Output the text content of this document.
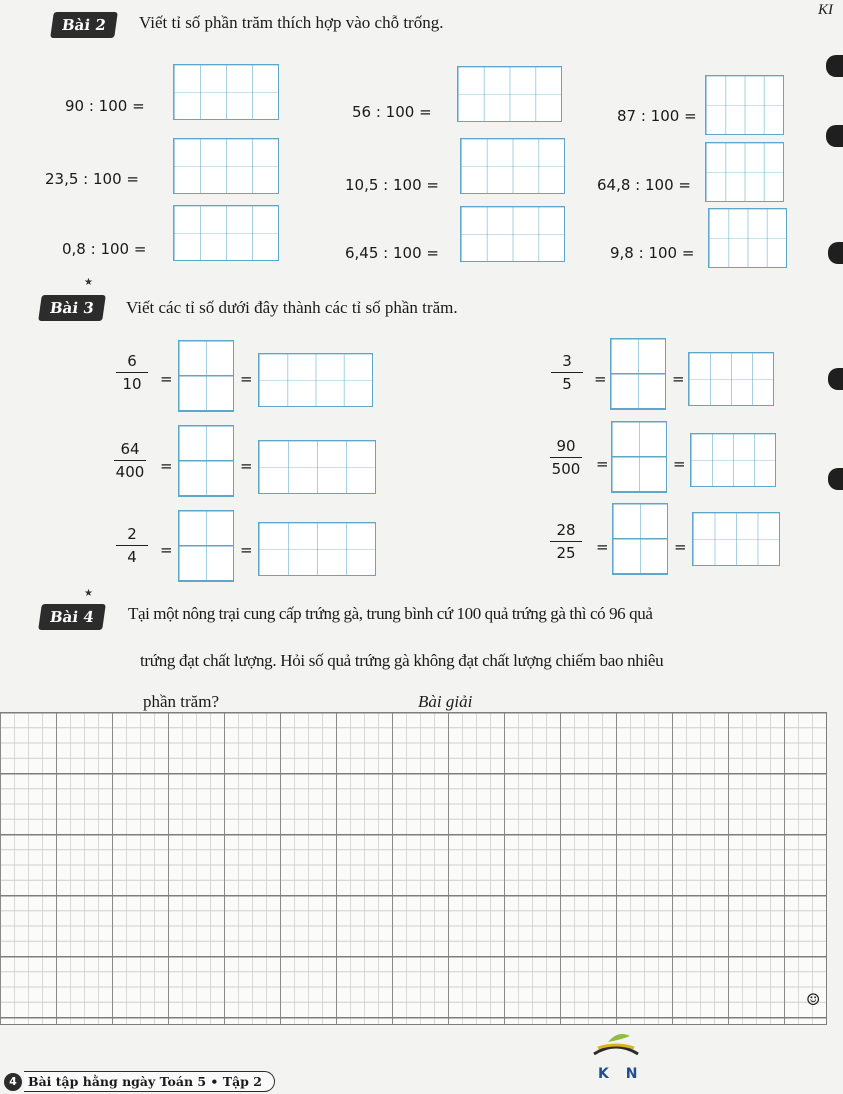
KI
Bài 2	Viết tỉ số phần trăm thích hợp vào chỗ trống.
90 : 100 =	56 : 100 =	87 : 100 =
23,5 : 100 =	10,5 : 100 =	64,8 : 100 =
0,8 : 100 =	6,45 : 100 =	9,8 : 100 =
★
Bài 3	Viết các tỉ số dưới đây thành các tỉ số phần trăm.
6
10	=	=
3
5	=	=
64
400	=	=
90
500	=	=
2
4	=	=
28
25	=	=
★
Bài 4	Tại một nông trại cung cấp trứng gà, trung bình cứ 100 quả trứng gà thì có 96 quả
trứng đạt chất lượng. Hỏi số quả trứng gà không đạt chất lượng chiếm bao nhiêu
phần trăm?	Bài giải
4 Bài tập hằng ngày Toán 5 • Tập 2	K N
☺
